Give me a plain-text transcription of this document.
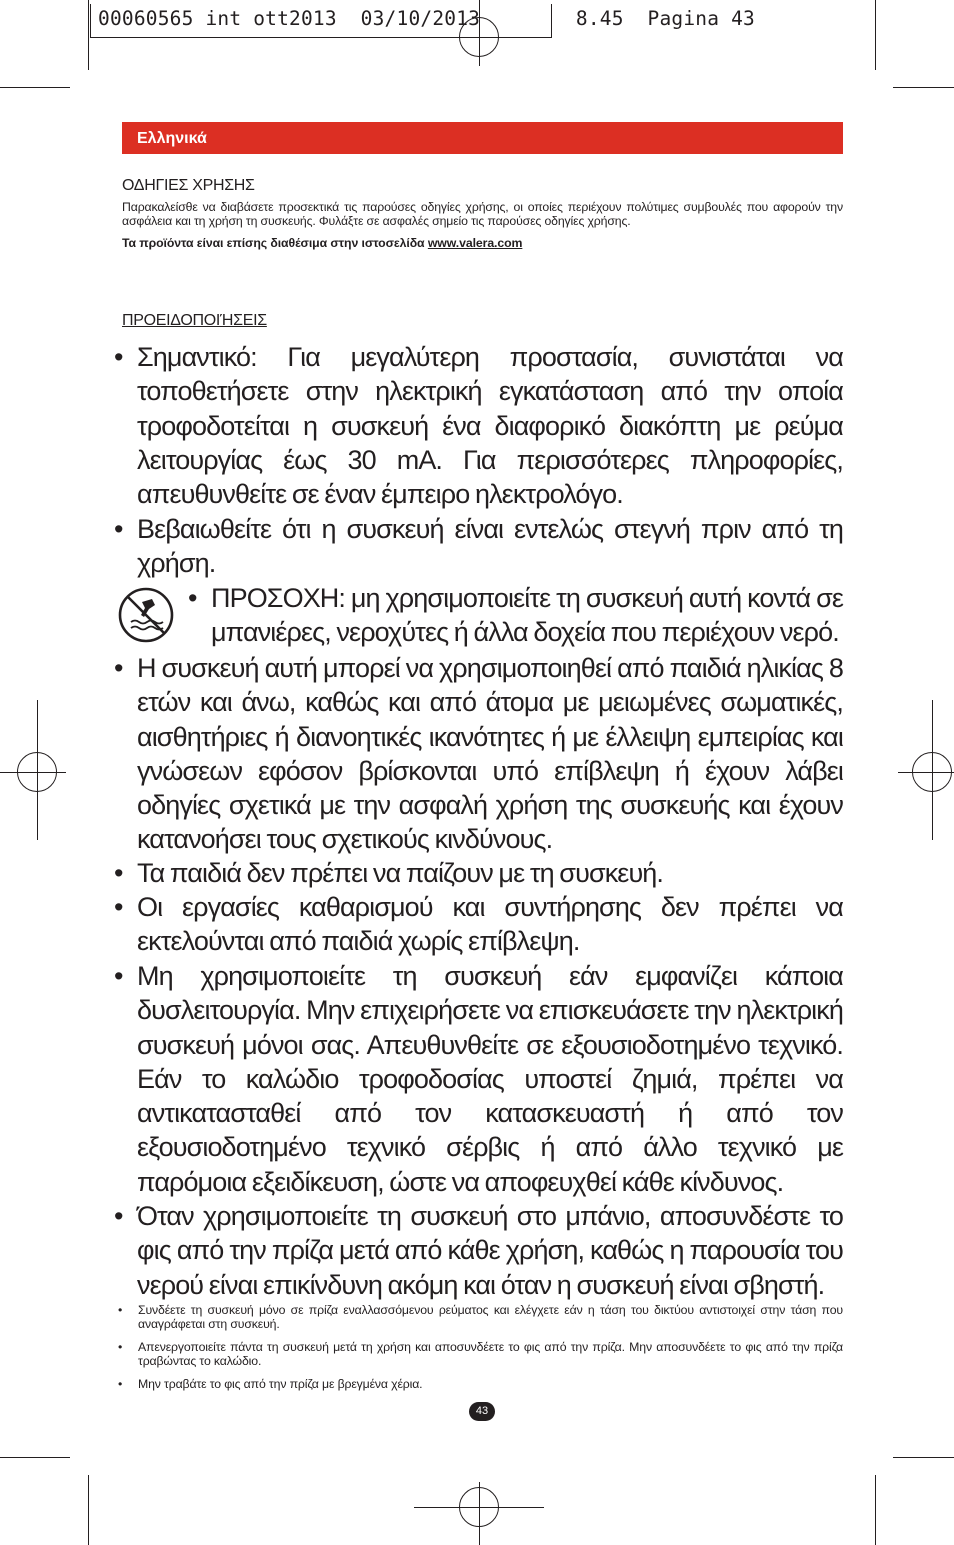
00060565 int ott2013  03/10/2013	8.45  Pagina 43
Ελληνικά
ΟΔΗΓΙΕΣ ΧΡΗΣΗΣ
Παρακαλείσθε να διαβάσετε προσεκτικά τις παρούσες οδηγίες χρήσης, οι οποίες περιέχουν πολύτιμες συμβουλές που αφορούν την ασφάλεια και τη χρήση τη συσκευής. Φυλάξτε σε ασφαλές σημείο τις παρούσες οδηγίες χρήσης.
Τα προϊόντα είναι επίσης διαθέσιμα στην ιστοσελίδα www.valera.com
ΠΡΟΕΙΔΟΠΟΙΉΣΕΙΣ
• Σημαντικό: Για μεγαλύτερη προστασία, συνιστάται να τοποθετήσετε στην ηλεκτρική εγκατάσταση από την οποία τροφοδοτείται η συσκευή ένα διαφορικό διακόπτη με ρεύμα λειτουργίας έως 30 mA. Για περισσότερες πληροφορίες, απευθυνθείτε σε έναν έμπειρο ηλεκτρολόγο.
• Βεβαιωθείτε ότι η συσκευή είναι εντελώς στεγνή πριν από τη χρήση.
• ΠΡΟΣΟΧΗ: μη χρησιμοποιείτε τη συσκευή αυτή κοντά σε μπανιέρες, νεροχύτες ή άλλα δοχεία που περιέχουν νερό.
• Η συσκευή αυτή μπορεί να χρησιμοποιηθεί από παιδιά ηλικίας 8 ετών και άνω, καθώς και από άτομα με μειωμένες σωματικές, αισθητήριες ή διανοητικές ικανότητες ή με έλλειψη εμπειρίας και γνώσεων εφόσον βρίσκονται υπό επίβλεψη ή έχουν λάβει οδηγίες σχετικά με την ασφαλή χρήση της συσκευής και έχουν κατανοήσει τους σχετικούς κινδύνους.
• Τα παιδιά δεν πρέπει να παίζουν με τη συσκευή.
• Οι εργασίες καθαρισμού και συντήρησης δεν πρέπει να εκτελούνται από παιδιά χωρίς επίβλεψη.
• Μη χρησιμοποιείτε τη συσκευή εάν εμφανίζει κάποια δυσλειτουργία. Μην επιχειρήσετε να επισκευάσετε την ηλεκτρική συσκευή μόνοι σας. Απευθυνθείτε σε εξουσιοδοτημένο τεχνικό. Εάν το καλώδιο τροφοδοσίας υποστεί ζημιά, πρέπει να αντικατασταθεί από τον κατασκευαστή ή από τον εξουσιοδοτημένο τεχνικό σέρβις ή από άλλο τεχνικό με παρόμοια εξειδίκευση, ώστε να αποφευχθεί κάθε κίνδυνος.
• Όταν χρησιμοποιείτε τη συσκευή στο μπάνιο, αποσυνδέστε το φις από την πρίζα μετά από κάθε χρήση, καθώς η παρουσία του νερού είναι επικίνδυνη ακόμη και όταν η συσκευή είναι σβηστή.
• Συνδέετε τη συσκευή μόνο σε πρίζα εναλλασσόμενου ρεύματος και ελέγχετε εάν η τάση του δικτύου αντιστοιχεί στην τάση που αναγράφεται στη συσκευή.
• Απενεργοποιείτε πάντα τη συσκευή μετά τη χρήση και αποσυνδέετε το φις από την πρίζα. Μην αποσυνδέετε το φις από την πρίζα τραβώντας το καλώδιο.
• Μην τραβάτε το φις από την πρίζα με βρεγμένα χέρια.
43
